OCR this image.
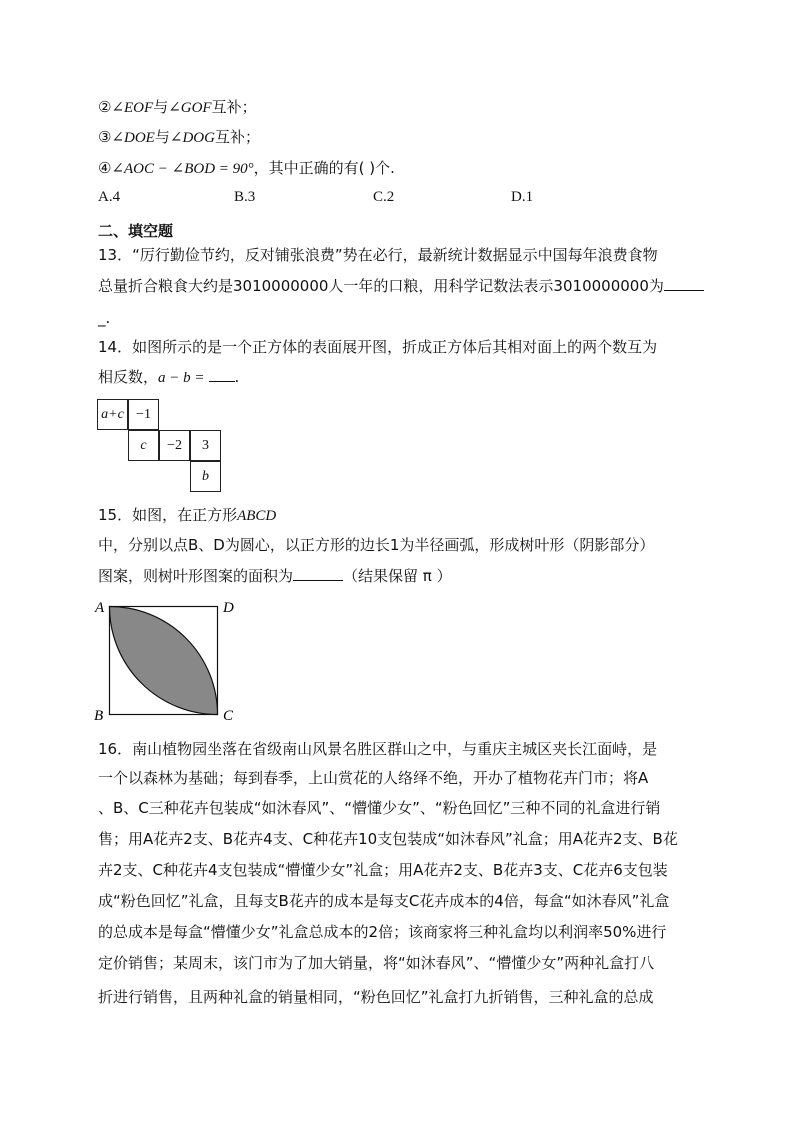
②∠EOF与∠GOF互补；
③∠DOE与∠DOG互补；
④∠AOC − ∠BOD = 90°，其中正确的有( )个.
A.4	B.3	C.2	D.1
二、填空题
13．“厉行勤俭节约，反对铺张浪费”势在必行，最新统计数据显示中国每年浪费食物
总量折合粮食大约是3010000000人一年的口粮，用科学记数法表示3010000000为
_.
14．如图所示的是一个正方体的表面展开图，折成正方体后其相对面上的两个数互为
相反数，a − b = .
a+c −1
c	−2	3
b
15．如图，在正方形ABCD
中，分别以点B、D为圆心，以正方形的边长1为半径画弧，形成树叶形（阴影部分）
图案，则树叶形图案的面积为	（结果保留 π ）
A	D
B	C
16．南山植物园坐落在省级南山风景名胜区群山之中，与重庆主城区夹长江面峙，是
一个以森林为基础；每到春季，上山赏花的人络绎不绝，开办了植物花卉门市；将A
、B、C三种花卉包装成“如沐春风”、“懵懂少女”、“粉色回忆”三种不同的礼盒进行销
售；用A花卉2支、B花卉4支、C种花卉10支包装成“如沐春风”礼盒；用A花卉2支、B花
卉2支、C种花卉4支包装成“懵懂少女”礼盒；用A花卉2支、B花卉3支、C花卉6支包装
成“粉色回忆”礼盒，且每支B花卉的成本是每支C花卉成本的4倍，每盒“如沐春风”礼盒
的总成本是每盒“懵懂少女”礼盒总成本的2倍；该商家将三种礼盒均以利润率50%进行
定价销售；某周末，该门市为了加大销量，将“如沐春风”、“懵懂少女”两种礼盒打八
折进行销售，且两种礼盒的销量相同，“粉色回忆”礼盒打九折销售，三种礼盒的总成
